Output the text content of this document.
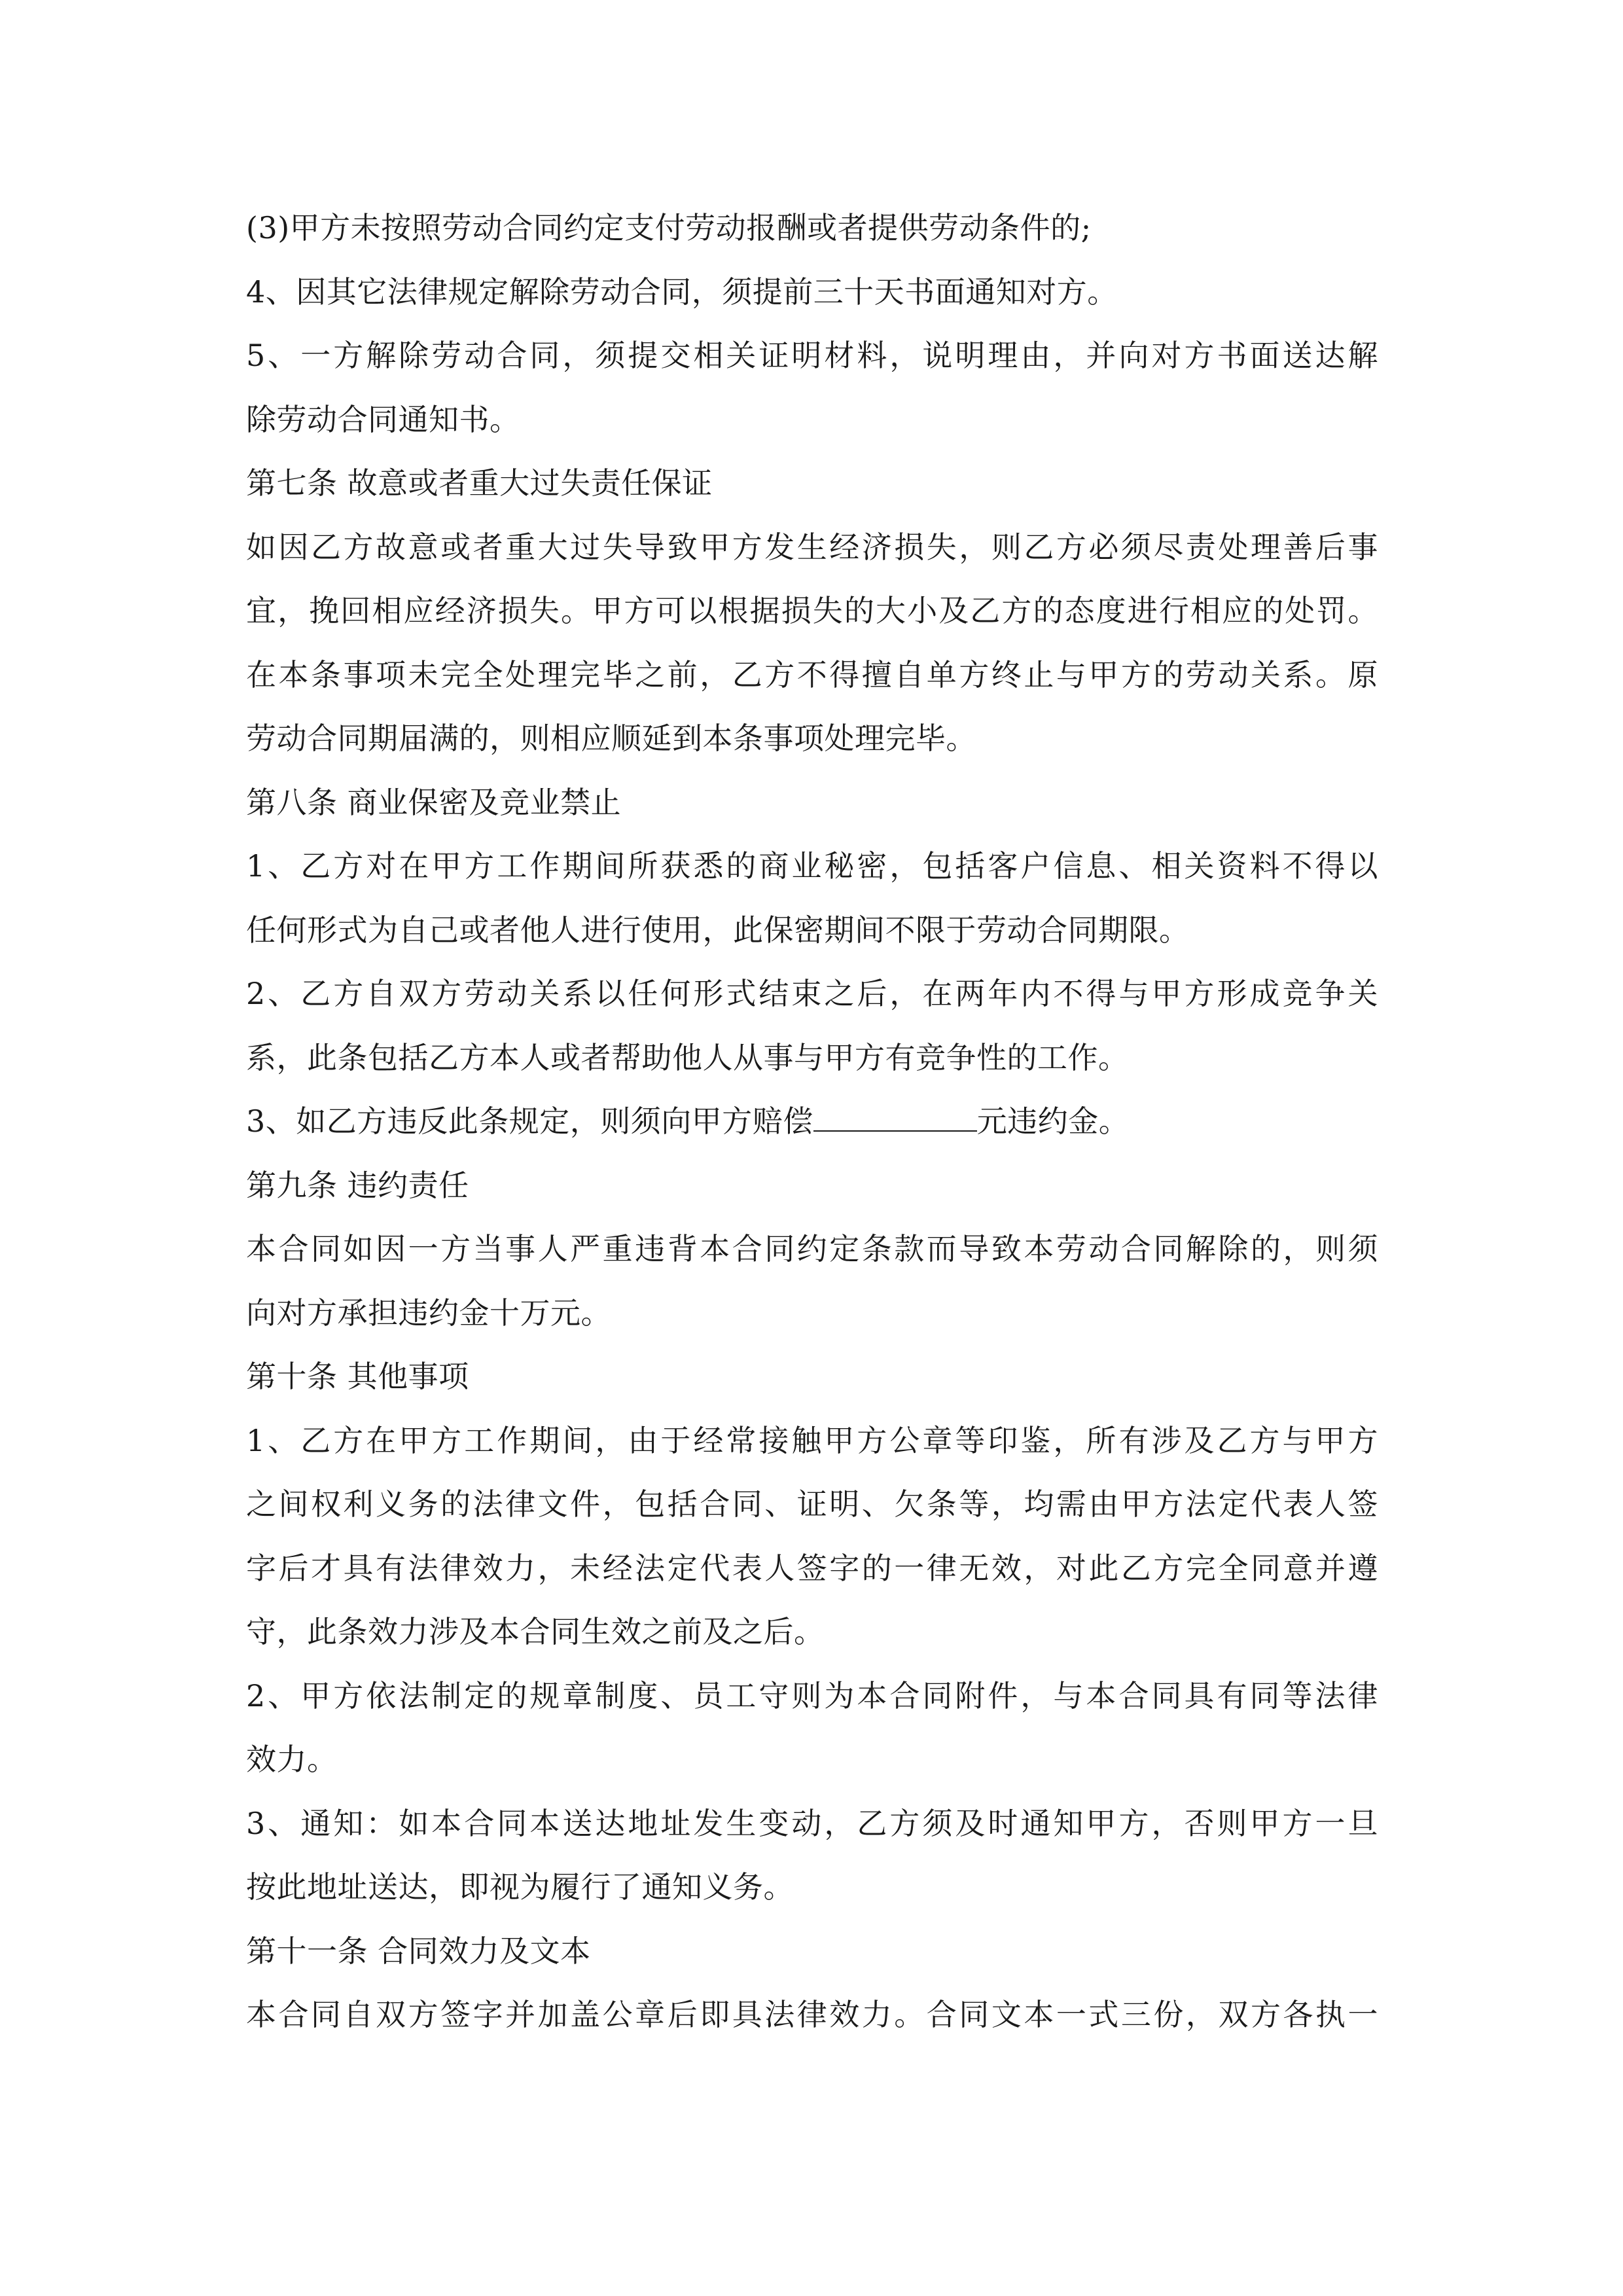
(3)甲方未按照劳动合同约定支付劳动报酬或者提供劳动条件的;
4、因其它法律规定解除劳动合同，须提前三十天书面通知对方。
5、一方解除劳动合同，须提交相关证明材料，说明理由，并向对方书面送达解
除劳动合同通知书。
第七条 故意或者重大过失责任保证
如因乙方故意或者重大过失导致甲方发生经济损失，则乙方必须尽责处理善后事
宜，挽回相应经济损失。甲方可以根据损失的大小及乙方的态度进行相应的处罚。
在本条事项未完全处理完毕之前，乙方不得擅自单方终止与甲方的劳动关系。原
劳动合同期届满的，则相应顺延到本条事项处理完毕。
第八条 商业保密及竞业禁止
1、乙方对在甲方工作期间所获悉的商业秘密，包括客户信息、相关资料不得以
任何形式为自己或者他人进行使用，此保密期间不限于劳动合同期限。
2、乙方自双方劳动关系以任何形式结束之后，在两年内不得与甲方形成竞争关
系，此条包括乙方本人或者帮助他人从事与甲方有竞争性的工作。
3、如乙方违反此条规定，则须向甲方赔偿	元违约金。
第九条 违约责任
本合同如因一方当事人严重违背本合同约定条款而导致本劳动合同解除的，则须
向对方承担违约金十万元。
第十条 其他事项
1、乙方在甲方工作期间，由于经常接触甲方公章等印鉴，所有涉及乙方与甲方
之间权利义务的法律文件，包括合同、证明、欠条等，均需由甲方法定代表人签
字后才具有法律效力，未经法定代表人签字的一律无效，对此乙方完全同意并遵
守，此条效力涉及本合同生效之前及之后。
2、甲方依法制定的规章制度、员工守则为本合同附件，与本合同具有同等法律
效力。
3、通知：如本合同本送达地址发生变动，乙方须及时通知甲方，否则甲方一旦
按此地址送达，即视为履行了通知义务。
第十一条 合同效力及文本
本合同自双方签字并加盖公章后即具法律效力。合同文本一式三份，双方各执一
